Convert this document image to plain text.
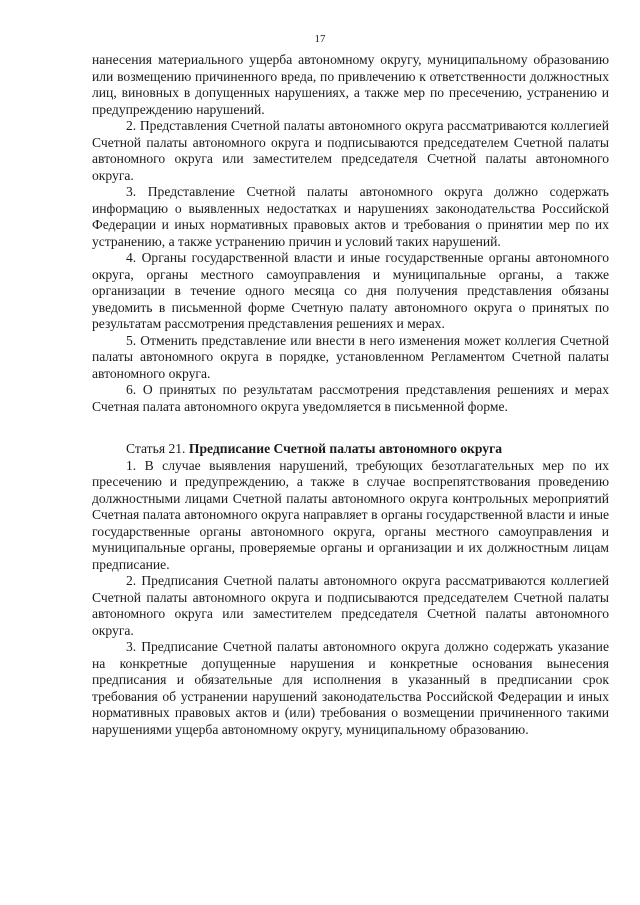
17

нанесения материального ущерба автономному округу, муниципальному образованию или возмещению причиненного вреда, по привлечению к ответственности должностных лиц, виновных в допущенных нарушениях, а также мер по пресечению, устранению и предупреждению нарушений.

2. Представления Счетной палаты автономного округа рассматриваются коллегией Счетной палаты автономного округа и подписываются председателем Счетной палаты автономного округа или заместителем председателя Счетной палаты автономного округа.

3. Представление Счетной палаты автономного округа должно содержать информацию о выявленных недостатках и нарушениях законодательства Российской Федерации и иных нормативных правовых актов и требования о принятии мер по их устранению, а также устранению причин и условий таких нарушений.

4. Органы государственной власти и иные государственные органы автономного округа, органы местного самоуправления и муниципальные органы, а также организации в течение одного месяца со дня получения представления обязаны уведомить в письменной форме Счетную палату автономного округа о принятых по результатам рассмотрения представления решениях и мерах.

5. Отменить представление или внести в него изменения может коллегия Счетной палаты автономного округа в порядке, установленном Регламентом Счетной палаты автономного округа.

6. О принятых по результатам рассмотрения представления решениях и мерах Счетная палата автономного округа уведомляется в письменной форме.

Статья 21. Предписание Счетной палаты автономного округа

1. В случае выявления нарушений, требующих безотлагательных мер по их пресечению и предупреждению, а также в случае воспрепятствования проведению должностными лицами Счетной палаты автономного округа контрольных мероприятий Счетная палата автономного округа направляет в органы государственной власти и иные государственные органы автономного округа, органы местного самоуправления и муниципальные органы, проверяемые органы и организации и их должностным лицам предписание.

2. Предписания Счетной палаты автономного округа рассматриваются коллегией Счетной палаты автономного округа и подписываются председателем Счетной палаты автономного округа или заместителем председателя Счетной палаты автономного округа.

3. Предписание Счетной палаты автономного округа должно содержать указание на конкретные допущенные нарушения и конкретные основания вынесения предписания и обязательные для исполнения в указанный в предписании срок требования об устранении нарушений законодательства Российской Федерации и иных нормативных правовых актов и (или) требования о возмещении причиненного такими нарушениями ущерба автономному округу, муниципальному образованию.
